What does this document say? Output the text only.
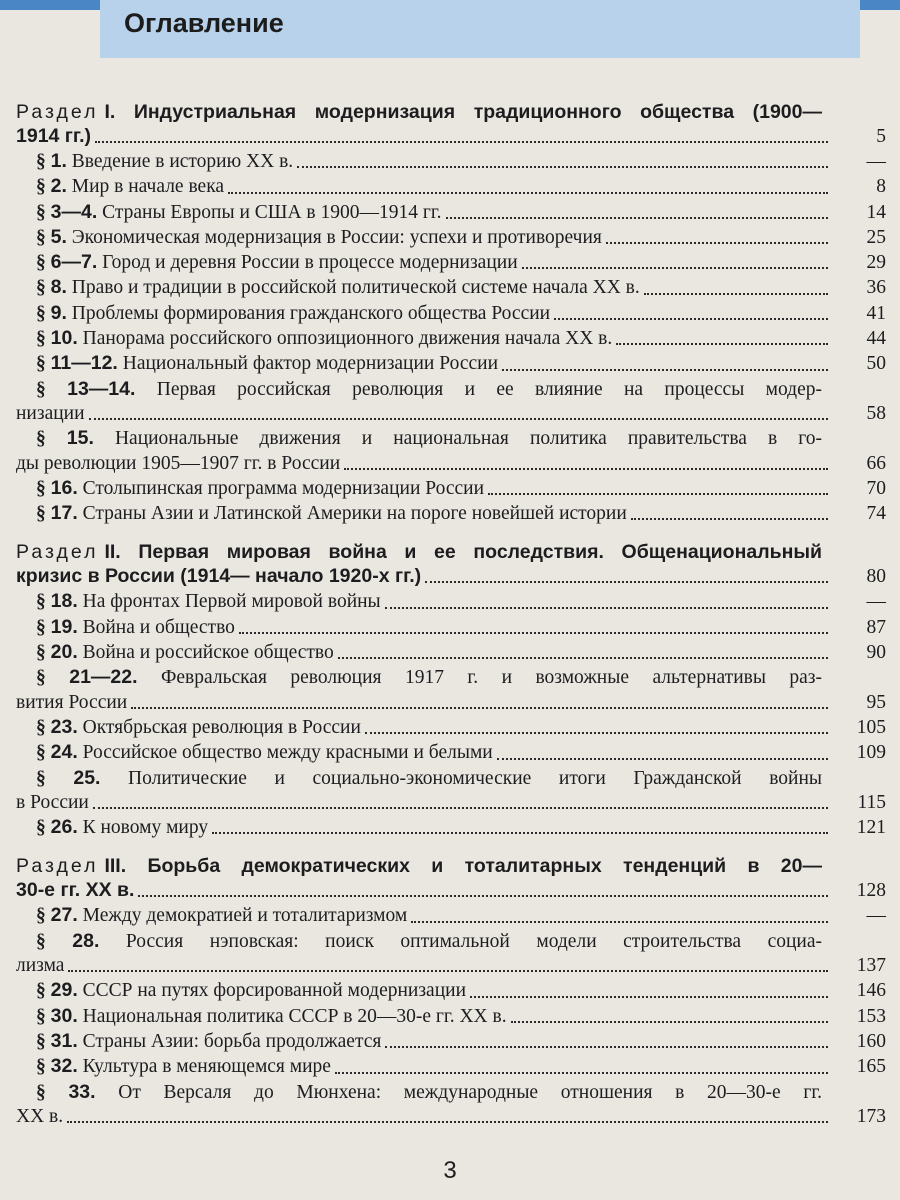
Оглавление
Раздел I. Индустриальная модернизация традиционного общества (1900—
1914 гг.)	5
§ 1. Введение в историю XX в.	—
§ 2. Мир в начале века	8
§ 3—4. Страны Европы и США в 1900—1914 гг.	14
§ 5. Экономическая модернизация в России: успехи и противоречия	25
§ 6—7. Город и деревня России в процессе модернизации	29
§ 8. Право и традиции в российской политической системе начала XX в.	36
§ 9. Проблемы формирования гражданского общества России	41
§ 10. Панорама российского оппозиционного движения начала XX в.	44
§ 11—12. Национальный фактор модернизации России	50
§ 13—14. Первая российская революция и ее влияние на процессы модер-
низации	58
§ 15. Национальные движения и национальная политика правительства в го-
ды революции 1905—1907 гг. в России	66
§ 16. Столыпинская программа модернизации России	70
§ 17. Страны Азии и Латинской Америки на пороге новейшей истории	74
Раздел II. Первая мировая война и ее последствия. Общенациональный
кризис в России (1914— начало 1920-х гг.)	80
§ 18. На фронтах Первой мировой войны	—
§ 19. Война и общество	87
§ 20. Война и российское общество	90
§ 21—22. Февральская революция 1917 г. и возможные альтернативы раз-
вития России	95
§ 23. Октябрьская революция в России	105
§ 24. Российское общество между красными и белыми	109
§ 25. Политические и социально-экономические итоги Гражданской войны
в России	115
§ 26. К новому миру	121
Раздел III. Борьба демократических и тоталитарных тенденций в 20—
30-е гг. XX в.	128
§ 27. Между демократией и тоталитаризмом	—
§ 28. Россия нэповская: поиск оптимальной модели строительства социа-
лизма	137
§ 29. СССР на путях форсированной модернизации	146
§ 30. Национальная политика СССР в 20—30-е гг. XX в.	153
§ 31. Страны Азии: борьба продолжается	160
§ 32. Культура в меняющемся мире	165
§ 33. От Версаля до Мюнхена: международные отношения в 20—30-е гг.
XX в.	173
3
